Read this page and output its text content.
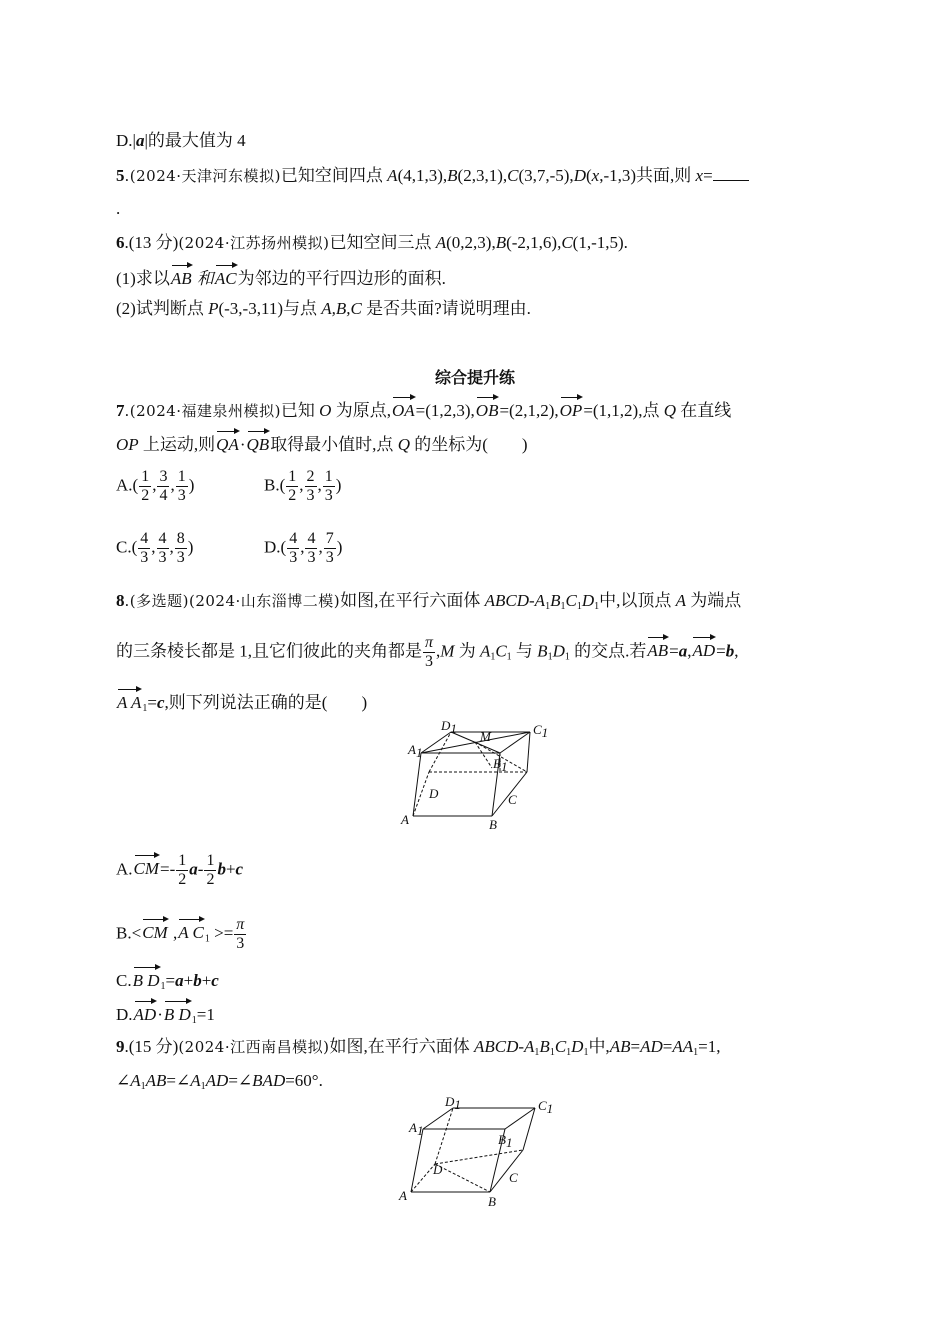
D.|a|的最大值为 4
5.(2024·天津河东模拟)已知空间四点 A(4,1,3),B(2,3,1),C(3,7,-5),D(x,-1,3)共面,则 x=
.
6.(13 分)(2024·江苏扬州模拟)已知空间三点 A(0,2,3),B(-2,1,6),C(1,-1,5).
(1)求以AB 和AC为邻边的平行四边形的面积.
(2)试判断点 P(-3,-3,11)与点 A,B,C 是否共面?请说明理由.
综合提升练
7.(2024·福建泉州模拟)已知 O 为原点,OA=(1,2,3),OB=(2,1,2),OP=(1,1,2),点 Q 在直线
OP 上运动,则QA·QB取得最小值时,点 Q 的坐标为(　　)
$A.( \frac{1}{2}$ , $\frac{3}{4}$ , $\frac{1}{3}$ )	$B.( \frac{1}{2}$ , $\frac{2}{3}$ , $\frac{1}{3}$ )
$C.( \frac{4}{3}$ , $\frac{4}{3}$ , $\frac{8}{3}$ )	$D.( \frac{4}{3}$ , $\frac{4}{3}$ , $\frac{7}{3}$ )
8.(多选题)(2024·山东淄博二模)如图,在平行六面体 ABCD-$A_1B_1C_1D_1$中,以顶点 A 为端点
的三条棱长都是 1,且它们彼此的夹角都是 $\frac{\pi}{3} ,M$ 为 $A_1C_1$ 与 $B_1D_1$ 的交点.若AB=a,AD=b,
A $A_1=c$,则下列说法正确的是(　　)
A	B
C
D
A1
B1
C1
D1
M
$A.CM=- \frac{1}{2} a- \frac{1}{2} b+c$
B.<CM ,A $C_1 >= \frac{\pi}{3}$
C.B $D_1=a+b+c$
D.AD·B $D_1=1$
9.(15 分)(2024·江西南昌模拟)如图,在平行六面体 ABCD-$A_1B_1C_1D_1$中$,AB=AD=AA_1=1$,
$\angle A_1AB=\angle A_1AD=\angle BAD=60^\circ$.
A	B
C
D
A1
B1
C1
D1
